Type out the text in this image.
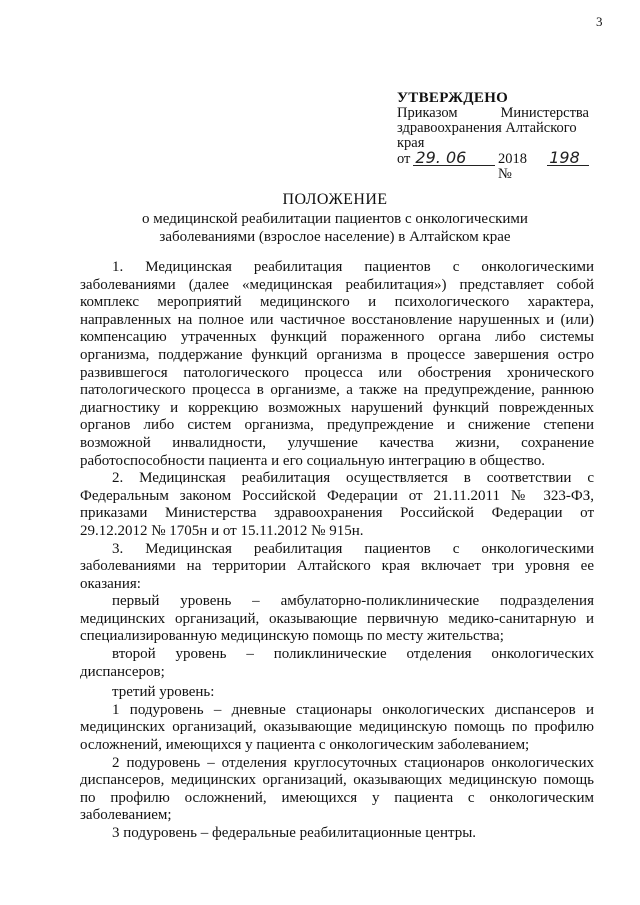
3
УТВЕРЖДЕНО
Приказом	Министерства
здравоохранения Алтайского
края
от 29. 06	2018 №
198
ПОЛОЖЕНИЕ
о медицинской реабилитации пациентов с онкологическими
заболеваниями (взрослое население) в Алтайском крае

1. Медицинская реабилитация пациентов с онкологическими заболеваниями (далее «медицинская реабилитация») представляет собой комплекс мероприятий медицинского и психологического характера, направленных на полное или частичное восстановление нарушенных и (или) компенсацию утраченных функций пораженного органа либо системы организма, поддержание функций организма в процессе завершения остро развившегося патологического процесса или обострения хронического патологического процесса в организме, а также на предупреждение, раннюю диагностику и коррекцию возможных нарушений функций поврежденных органов либо систем организма, предупреждение и снижение степени возможной инвалидности, улучшение качества жизни, сохранение работоспособности пациента и его социальную интеграцию в общество.

2. Медицинская реабилитация осуществляется в соответствии с Федеральным законом Российской Федерации от 21.11.2011 № 323-ФЗ, приказами Министерства здравоохранения Российской Федерации от 29.12.2012 № 1705н и от 15.11.2012 № 915н.

3. Медицинская реабилитация пациентов с онкологическими заболеваниями на территории Алтайского края включает три уровня ее оказания:

первый уровень – амбулаторно-поликлинические подразделения медицинских организаций, оказывающие первичную медико-санитарную и специализированную медицинскую помощь по месту жительства;

второй уровень – поликлинические отделения онкологических диспансеров;

третий уровень:

1 подуровень – дневные стационары онкологических диспансеров и медицинских организаций, оказывающие медицинскую помощь по профилю осложнений, имеющихся у пациента с онкологическим заболеванием;

2 подуровень – отделения круглосуточных стационаров онкологических диспансеров, медицинских организаций, оказывающих медицинскую помощь по профилю осложнений, имеющихся у пациента с онкологическим заболеванием;

3 подуровень – федеральные реабилитационные центры.
